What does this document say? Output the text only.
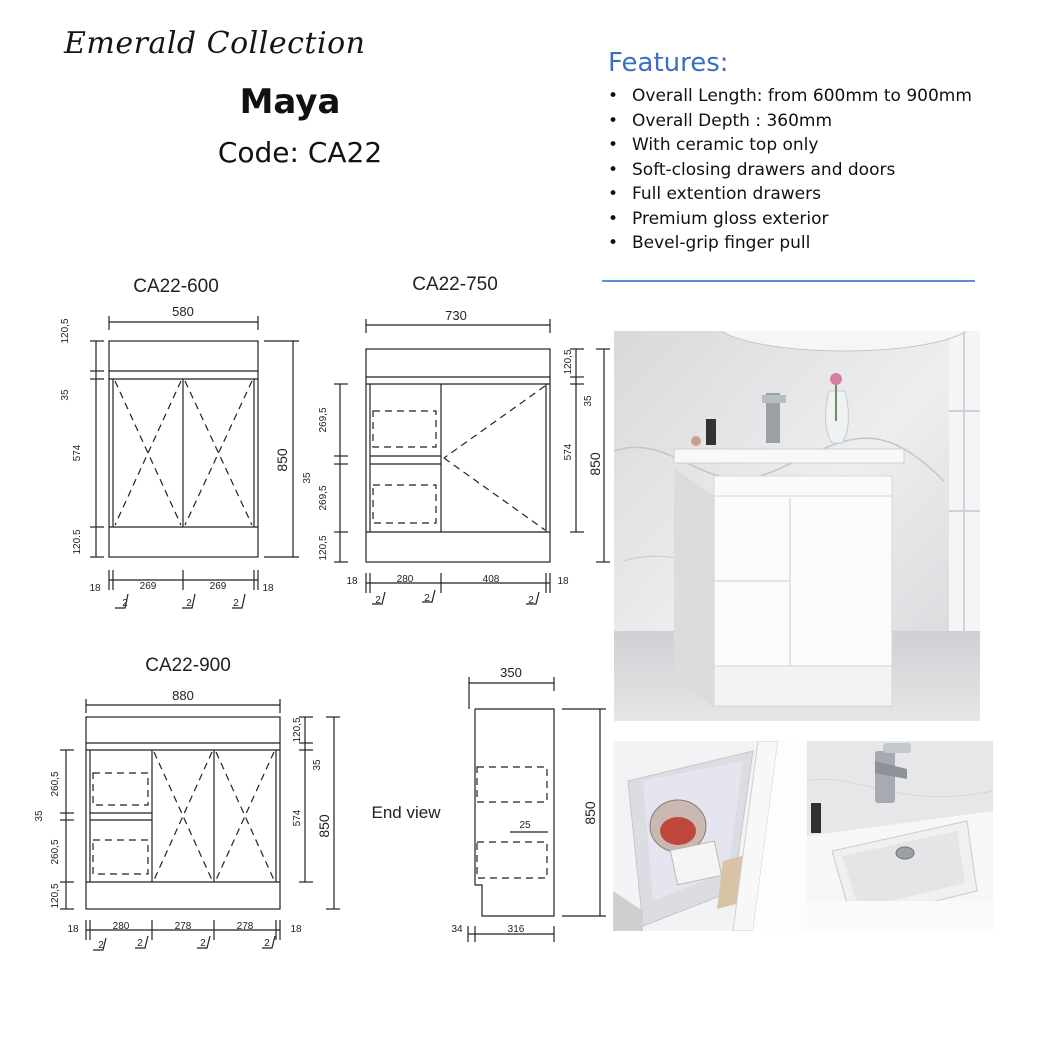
Emerald Collection
Maya
Code: CA22
Features:
• Overall Length: from 600mm to 900mm
• Overall Depth : 360mm
• With ceramic top only
• Soft-closing drawers and doors
• Full extention drawers
• Premium gloss exterior
• Bevel-grip finger pull
CA22-600
580
850
120,5
35
574
120.5
18	269	269	18
2	2	2
CA22-750
730
850
120,5
35
574
269,5
35
269,5
120,5
18	280	408	18
2	2	2
CA22-900
880
850
120,5
35
574
260,5
35
260,5
120,5
18	280	278	278	18
2	2	2	2
End view
350
850
25
34	316
